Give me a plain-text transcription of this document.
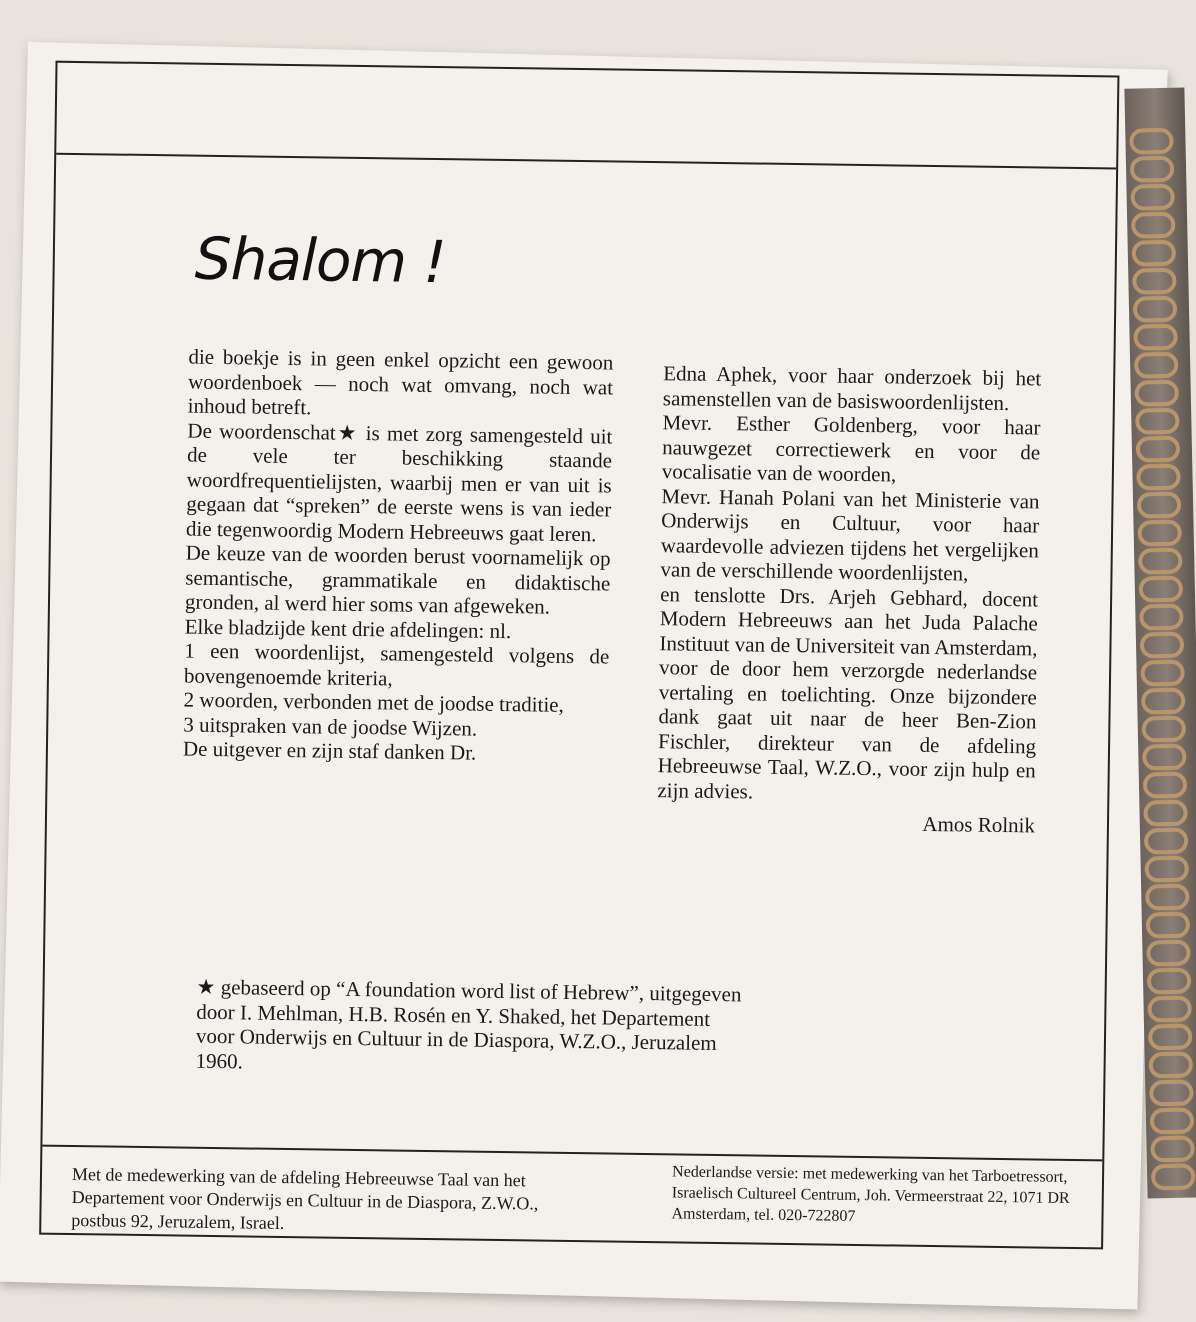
Shalom !

die boekje is in geen enkel opzicht een gewoon woordenboek — noch wat omvang, noch wat inhoud betreft.

De woordenschat★ is met zorg samengesteld uit de vele ter beschikking staande woordfrequentielijsten, waarbij men er van uit is gegaan dat “spreken” de eerste wens is van ieder die tegenwoordig Modern Hebreeuws gaat leren.

De keuze van de woorden berust voornamelijk op semantische, grammatikale en didaktische gronden, al werd hier soms van afgeweken.

Elke bladzijde kent drie afdelingen: nl.

1 een woordenlijst, samengesteld volgens de bovengenoemde kriteria,

2 woorden, verbonden met de joodse traditie,

3 uitspraken van de joodse Wijzen.

De uitgever en zijn staf danken Dr.

Edna Aphek, voor haar onderzoek bij het samenstellen van de basiswoordenlijsten.

Mevr. Esther Goldenberg, voor haar nauwgezet correctiewerk en voor de vocalisatie van de woorden,

Mevr. Hanah Polani van het Ministerie van Onderwijs en Cultuur, voor haar waardevolle adviezen tijdens het vergelijken van de verschillende woordenlijsten,

en tenslotte Drs. Arjeh Gebhard, docent Modern Hebreeuws aan het Juda Palache Instituut van de Universiteit van Amsterdam, voor de door hem verzorgde nederlandse vertaling en toelichting. Onze bijzondere dank gaat uit naar de heer Ben-Zion Fischler, direkteur van de afdeling Hebreeuwse Taal, W.Z.O., voor zijn hulp en zijn advies.

Amos Rolnik

★ gebaseerd op “A foundation word list of Hebrew”, uitgegeven door I. Mehlman, H.B. Rosén en Y. Shaked, het Departement voor Onderwijs en Cultuur in de Diaspora, W.Z.O., Jeruzalem 1960.
Met de medewerking van de afdeling Hebreeuwse Taal van het Departement voor Onderwijs en Cultuur in de Diaspora, Z.W.O., postbus 92, Jeruzalem, Israel.
Nederlandse versie: met medewerking van het Tarboetressort, Israelisch Cultureel Centrum, Joh. Vermeerstraat 22, 1071 DR Amsterdam, tel. 020-722807
